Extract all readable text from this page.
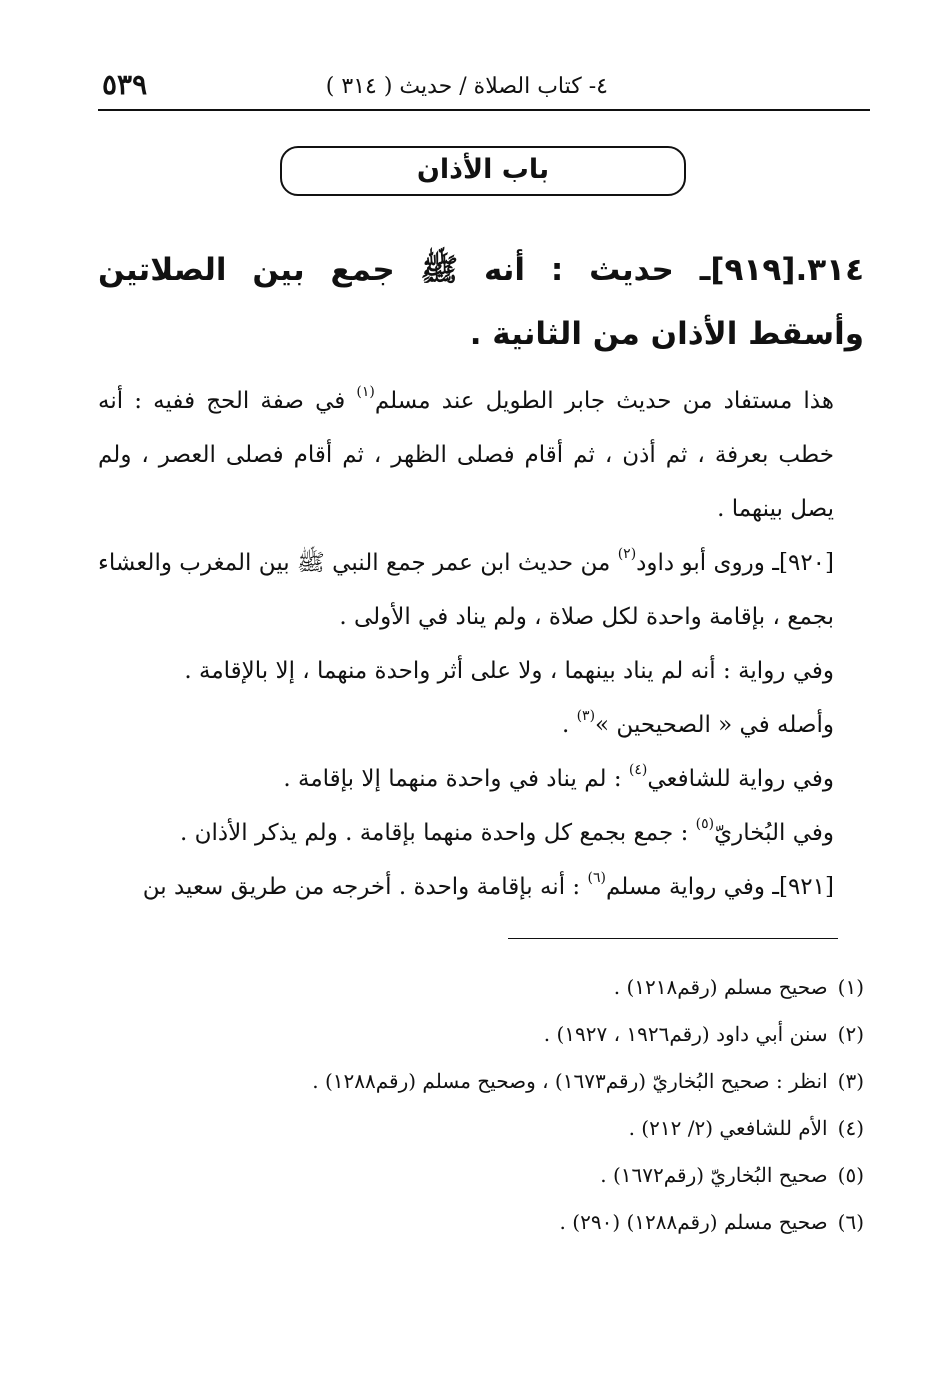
٤- كتاب الصلاة / حديث ( ٣١٤ )
٥٣٩
باب الأذان
٣١٤.[٩١٩]ـ حديث : أنه ﷺ جمع بين الصلاتين وأسقط الأذان من الثانية .

هذا مستفاد من حديث جابر الطويل عند مسلم$^{(١)}$ في صفة الحج ففيه : أنه خطب بعرفة ، ثم أذن ، ثم أقام فصلى الظهر ، ثم أقام فصلى العصر ، ولم يصل بينهما .

[٩٢٠]ـ وروى أبو داود$^{(٢)}$ من حديث ابن عمر جمع النبي ﷺ بين المغرب والعشاء بجمع ، بإقامة واحدة لكل صلاة ، ولم يناد في الأولى .

وفي رواية : أنه لم يناد بينهما ، ولا على أثر واحدة منهما ، إلا بالإقامة .

وأصله في « الصحيحين »$^{(٣)}$ .

وفي رواية للشافعي$^{(٤)}$ : لم يناد في واحدة منهما إلا بإقامة .

وفي البُخاريّ$^{(٥)}$ : جمع بجمع كل واحدة منهما بإقامة . ولم يذكر الأذان .

[٩٢١]ـ وفي رواية مسلم$^{(٦)}$ : أنه بإقامة واحدة . أخرجه من طريق سعيد بن

(١)صحيح مسلم (رقم١٢١٨) .
(٢)سنن أبي داود (رقم١٩٢٦ ، ١٩٢٧) .
(٣)انظر : صحيح البُخاريّ (رقم١٦٧٣) ، وصحيح مسلم (رقم١٢٨٨) .
(٤)الأم للشافعي (٢/ ٢١٢) .
(٥)صحيح البُخاريّ (رقم١٦٧٢) .
(٦)صحيح مسلم (رقم١٢٨٨) (٢٩٠) .
